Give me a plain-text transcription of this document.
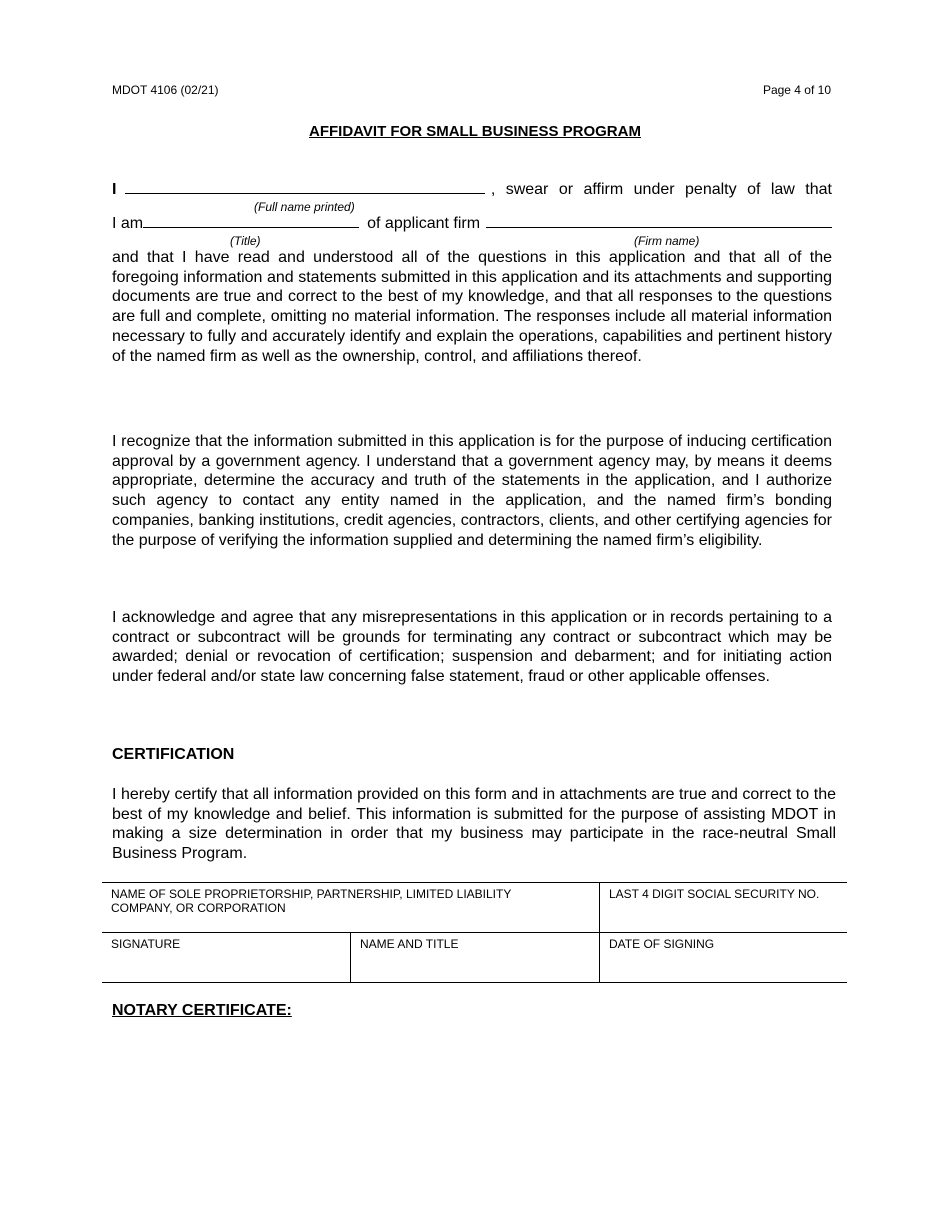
MDOT 4106 (02/21)	Page 4 of 10
AFFIDAVIT FOR SMALL BUSINESS PROGRAM
I	, swear or affirm under penalty of law that
(Full name printed)
I am	of applicant firm
(Title)	(Firm name)

and that I have read and understood all of the questions in this application and that all of the foregoing information and statements submitted in this application and its attachments and supporting documents are true and correct to the best of my knowledge, and that all responses to the questions are full and complete, omitting no material information. The responses include all material information necessary to fully and accurately identify and explain the operations, capabilities and pertinent history of the named firm as well as the ownership, control, and affiliations thereof.

I recognize that the information submitted in this application is for the purpose of inducing certification approval by a government agency. I understand that a government agency may, by means it deems appropriate, determine the accuracy and truth of the statements in the application, and I authorize such agency to contact any entity named in the application, and the named firm’s bonding companies, banking institutions, credit agencies, contractors, clients, and other certifying agencies for the purpose of verifying the information supplied and determining the named firm’s eligibility.

I acknowledge and agree that any misrepresentations in this application or in records pertaining to a contract or subcontract will be grounds for terminating any contract or subcontract which may be awarded; denial or revocation of certification; suspension and debarment; and for initiating action under federal and/or state law concerning false statement, fraud or other applicable offenses.

CERTIFICATION

I hereby certify that all information provided on this form and in attachments are true and correct to the best of my knowledge and belief. This information is submitted for the purpose of assisting MDOT in making a size determination in order that my business may participate in the race-neutral Small Business Program.

NAME OF SOLE PROPRIETORSHIP, PARTNERSHIP, LIMITED LIABILITY COMPANY, OR CORPORATION		LAST 4 DIGIT SOCIAL SECURITY NO.
SIGNATURE	NAME AND TITLE	DATE OF SIGNING
NOTARY CERTIFICATE:
